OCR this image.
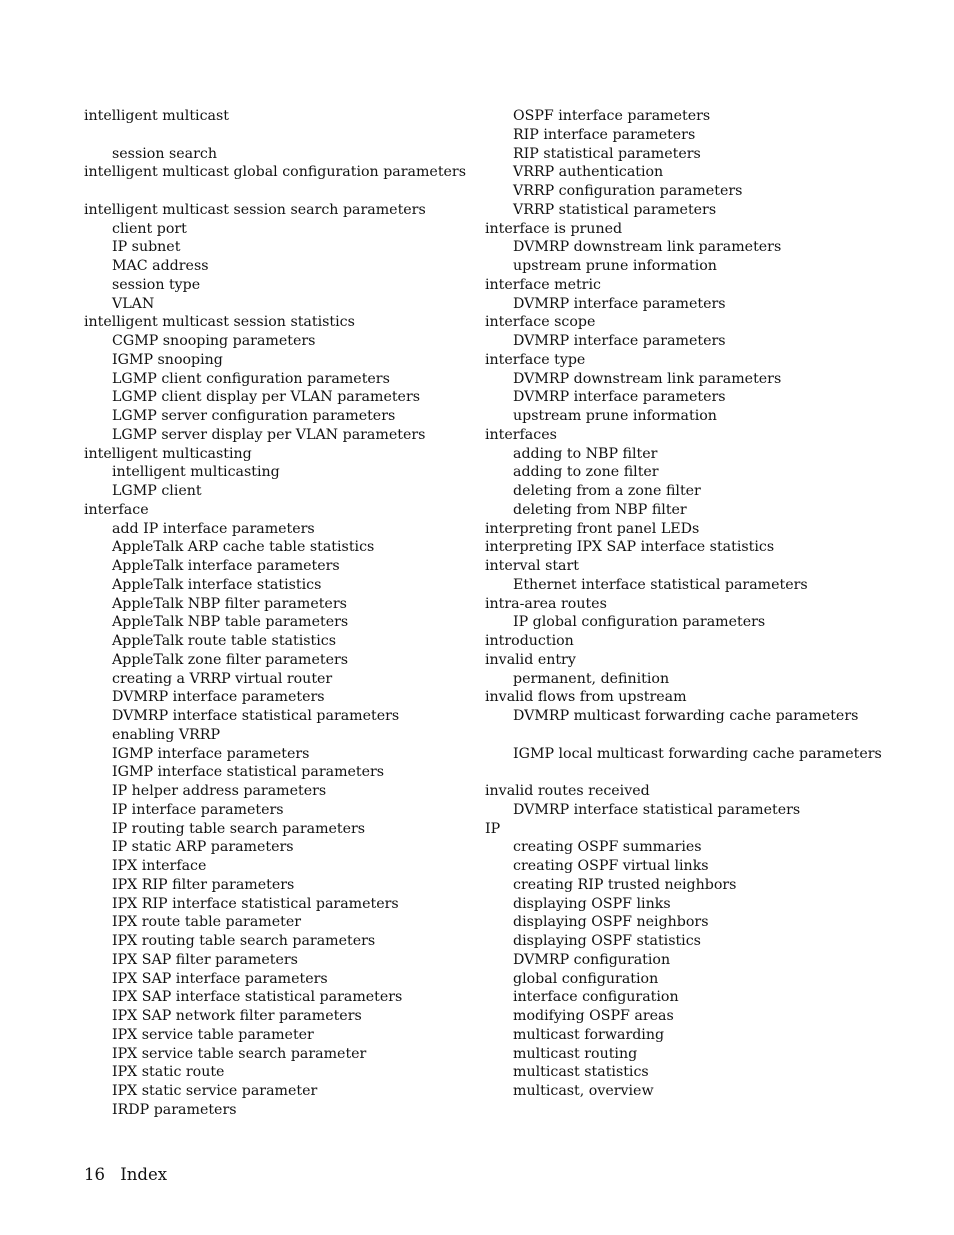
intelligent multicast
session search
intelligent multicast global configuration parameters
intelligent multicast session search parameters
client port
IP subnet
MAC address
session type
VLAN
intelligent multicast session statistics
CGMP snooping parameters
IGMP snooping
LGMP client configuration parameters
LGMP client display per VLAN parameters
LGMP server configuration parameters
LGMP server display per VLAN parameters
intelligent multicasting
intelligent multicasting
LGMP client
interface
add IP interface parameters
AppleTalk ARP cache table statistics
AppleTalk interface parameters
AppleTalk interface statistics
AppleTalk NBP filter parameters
AppleTalk NBP table parameters
AppleTalk route table statistics
AppleTalk zone filter parameters
creating a VRRP virtual router
DVMRP interface parameters
DVMRP interface statistical parameters
enabling VRRP
IGMP interface parameters
IGMP interface statistical parameters
IP helper address parameters
IP interface parameters
IP routing table search parameters
IP static ARP parameters
IPX interface
IPX RIP filter parameters
IPX RIP interface statistical parameters
IPX route table parameter
IPX routing table search parameters
IPX SAP filter parameters
IPX SAP interface parameters
IPX SAP interface statistical parameters
IPX SAP network filter parameters
IPX service table parameter
IPX service table search parameter
IPX static route
IPX static service parameter
IRDP parameters
OSPF interface parameters
RIP interface parameters
RIP statistical parameters
VRRP authentication
VRRP configuration parameters
VRRP statistical parameters
interface is pruned
DVMRP downstream link parameters
upstream prune information
interface metric
DVMRP interface parameters
interface scope
DVMRP interface parameters
interface type
DVMRP downstream link parameters
DVMRP interface parameters
upstream prune information
interfaces
adding to NBP filter
adding to zone filter
deleting from a zone filter
deleting from NBP filter
interpreting front panel LEDs
interpreting IPX SAP interface statistics
interval start
Ethernet interface statistical parameters
intra-area routes
IP global configuration parameters
introduction
invalid entry
permanent, definition
invalid flows from upstream
DVMRP multicast forwarding cache parameters
IGMP local multicast forwarding cache parameters
invalid routes received
DVMRP interface statistical parameters
IP
creating OSPF summaries
creating OSPF virtual links
creating RIP trusted neighbors
displaying OSPF links
displaying OSPF neighbors
displaying OSPF statistics
DVMRP configuration
global configuration
interface configuration
modifying OSPF areas
multicast forwarding
multicast routing
multicast statistics
multicast, overview
16 Index
